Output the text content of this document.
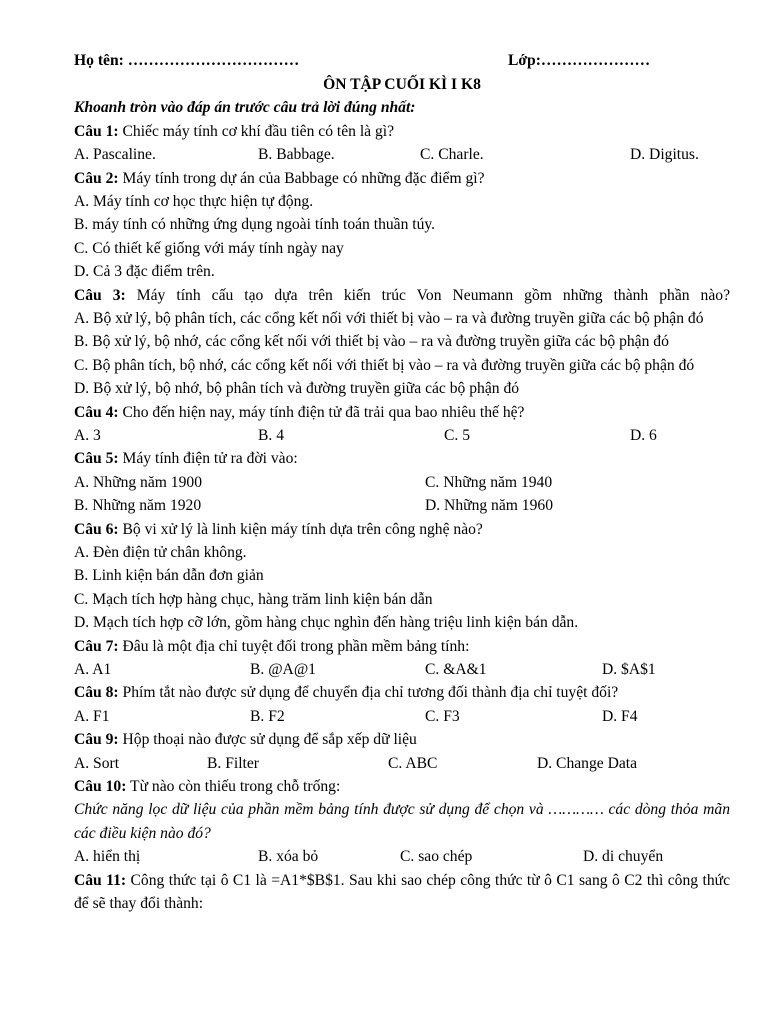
Họ tên: ……………………………	Lớp:…………………
ÔN TẬP CUỐI KÌ I K8
Khoanh tròn vào đáp án trước câu trả lời đúng nhất:
Câu 1: Chiếc máy tính cơ khí đầu tiên có tên là gì?
A. Pascaline.	B. Babbage.	C. Charle.	D. Digitus.
Câu 2: Máy tính trong dự án của Babbage có những đặc điểm gì?
A. Máy tính cơ học thực hiện tự động.
B. máy tính có những ứng dụng ngoài tính toán thuần túy.
C. Có thiết kế giống với máy tính ngày nay
D. Cả 3 đặc điểm trên.
Câu 3: Máy tính cấu tạo dựa trên kiến trúc Von Neumann gồm những thành phần nào?
A. Bộ xử lý, bộ phân tích, các cổng kết nối với thiết bị vào – ra và đường truyền giữa các bộ phận đó
B. Bộ xử lý, bộ nhớ, các cổng kết nối với thiết bị vào – ra và đường truyền giữa các bộ phận đó
C. Bộ phân tích, bộ nhớ, các cổng kết nối với thiết bị vào – ra và đường truyền giữa các bộ phận đó
D. Bộ xử lý, bộ nhớ, bộ phân tích và đường truyền giữa các bộ phận đó
Câu 4: Cho đến hiện nay, máy tính điện tử đã trải qua bao nhiêu thế hệ?
A. 3	B. 4	C. 5	D. 6
Câu 5: Máy tính điện tử ra đời vào:
A. Những năm 1900	C. Những năm 1940
B. Những năm 1920	D. Những năm 1960
Câu 6: Bộ vi xử lý là linh kiện máy tính dựa trên công nghệ nào?
A. Đèn điện tử chân không.
B. Linh kiện bán dẫn đơn giản
C. Mạch tích hợp hàng chục, hàng trăm linh kiện bán dẫn
D. Mạch tích hợp cỡ lớn, gồm hàng chục nghìn đến hàng triệu linh kiện bán dẫn.
Câu 7: Đâu là một địa chỉ tuyệt đối trong phần mềm bảng tính:
A. A1	B. @A@1	C. &A&1	D. $A$1
Câu 8: Phím tắt nào được sử dụng để chuyển địa chỉ tương đối thành địa chỉ tuyệt đối?
A. F1	B. F2	C. F3	D. F4
Câu 9: Hộp thoại nào được sử dụng để sắp xếp dữ liệu
A. Sort	B. Filter	C. ABC	D. Change Data
Câu 10: Từ nào còn thiếu trong chỗ trống:
Chức năng lọc dữ liệu của phần mềm bảng tính được sử dụng để chọn và ………… các dòng thỏa mãn các điều kiện nào đó?
A. hiển thị	B. xóa bỏ	C. sao chép	D. di chuyển
Câu 11: Công thức tại ô C1 là =A1*$B$1. Sau khi sao chép công thức từ ô C1 sang ô C2 thì công thức để sẽ thay đổi thành:
